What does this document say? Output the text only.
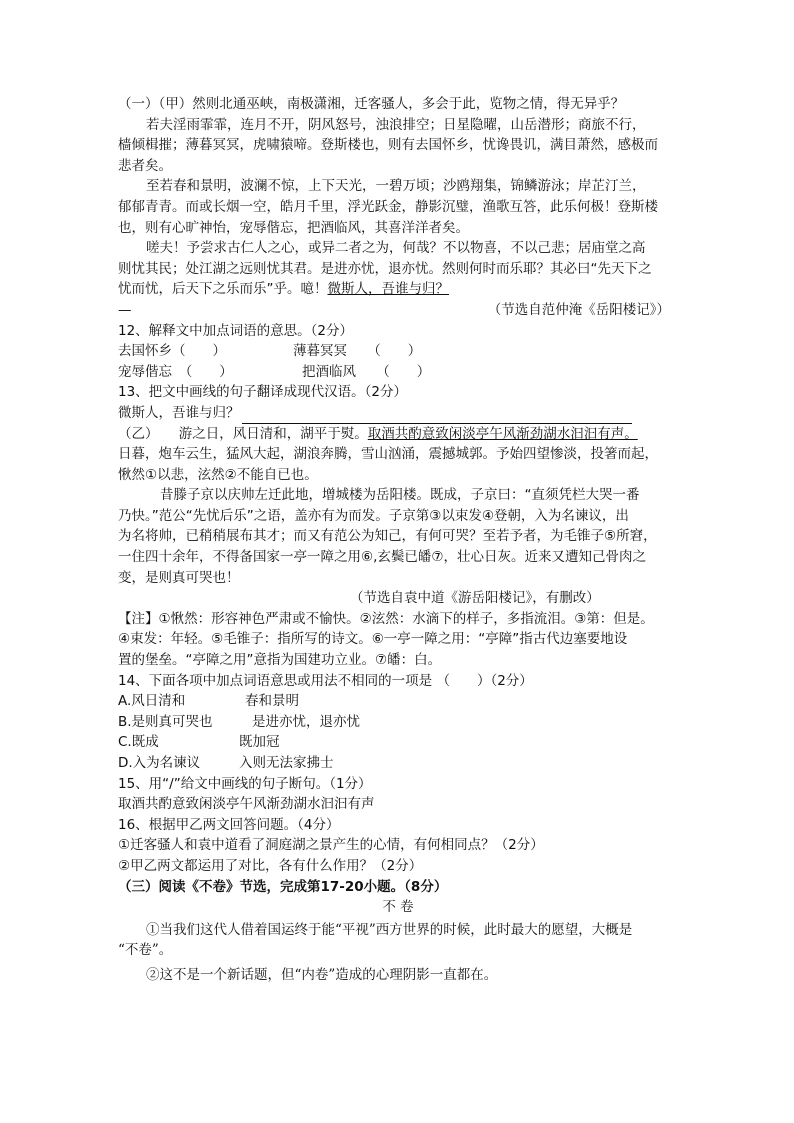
（一）（甲）然则北通巫峡，南极潇湘，迁客骚人，多会于此，览物之情，得无异乎？
若夫淫雨霏霏，连月不开，阴风怒号，浊浪排空；日星隐曜，山岳潜形；商旅不行，
樯倾楫摧；薄暮冥冥，虎啸猿啼。登斯楼也，则有去国怀乡，忧谗畏讥，满目萧然，感极而
悲者矣。
至若春和景明，波澜不惊，上下天光，一碧万顷；沙鸥翔集，锦鳞游泳；岸芷汀兰，
郁郁青青。而或长烟一空，皓月千里，浮光跃金，静影沉璧，渔歌互答，此乐何极！登斯楼
也，则有心旷神怡，宠辱偕忘，把酒临风，其喜洋洋者矣。
嗟夫！予尝求古仁人之心，或异二者之为，何哉？不以物喜，不以己悲；居庙堂之高
则忧其民；处江湖之远则忧其君。是进亦忧，退亦忧。然则何时而乐耶？其必曰“先天下之
忧而忧，后天下之乐而乐”乎。噫！微斯人，吾谁与归？
—	（节选自范仲淹《岳阳楼记》）
12、解释文中加点词语的意思。（2分）
去国怀乡（　　）	薄暮冥冥　　（　　）
宠辱偕忘　（　　）	把酒临风　　（　　）
13、把文中画线的句子翻译成现代汉语。（2分）
微斯人，吾谁与归？
（乙）　　游之日，风日清和，湖平于熨。取酒共酌意致闲淡亭午风渐劲湖水汩汩有声。
日暮，炮车云生，猛风大起，湖浪奔腾，雪山汹涌，震撼城郭。予始四望惨淡，投箸而起，
愀然①以悲，泫然②不能自已也。
昔滕子京以庆帅左迁此地，增城楼为岳阳楼。既成，子京曰：“直须凭栏大哭一番
乃快。”范公“先忧后乐”之语，盖亦有为而发。子京第③以束发④登朝，入为名谏议，出
为名将帅，已稍稍展布其才；而又有范公为知己，有何可哭？至若予者，为毛锥子⑤所窘，
一住四十余年，不得备国家一亭一障之用⑥,玄鬓已皤⑦，壮心日灰。近来又遭知己骨肉之
变，是则真可哭也！
（节选自袁中道《游岳阳楼记》，有删改）
【注】①愀然：形容神色严肃或不愉快。②泫然：水滴下的样子，多指流泪。③第：但是。
④束发：年轻。⑤毛锥子：指所写的诗文。⑥一亭一障之用：“亭障”指古代边塞要地设
置的堡垒。“亭障之用”意指为国建功立业。⑦皤：白。
14、下面各项中加点词语意思或用法不相同的一项是 （　　）（2分）
A.风日清和	春和景明
B.是则真可哭也	是进亦忧，退亦忧
C.既成	既加冠
D.入为名谏议	入则无法家拂士
15、用“/”给文中画线的句子断句。（1分）
取酒共酌意致闲淡亭午风渐劲湖水汩汩有声
16、根据甲乙两文回答问题。（4分）
①迁客骚人和袁中道看了洞庭湖之景产生的心情，有何相同点？（2分）
②甲乙两文都运用了对比，各有什么作用？（2分）
（三）阅读《不卷》节选，完成第17-20小题。（8分）
不 卷
①当我们这代人借着国运终于能“平视”西方世界的时候，此时最大的愿望，大概是
“不卷”。
②这不是一个新话题，但“内卷”造成的心理阴影一直都在。
